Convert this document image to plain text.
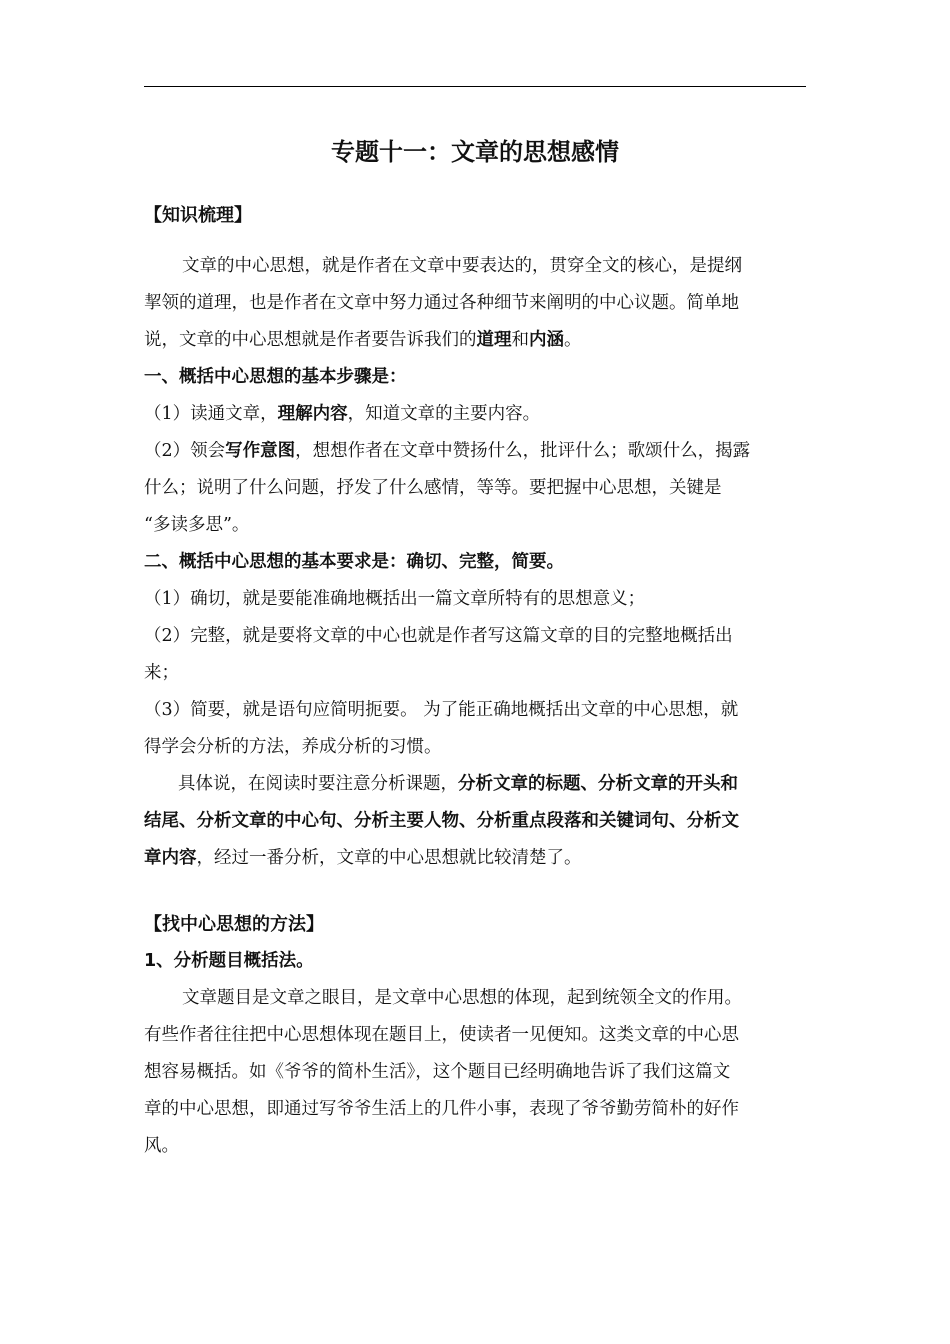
专题十一：文章的思想感情
【知识梳理】
文章的中心思想，就是作者在文章中要表达的，贯穿全文的核心，是提纲
挈领的道理，也是作者在文章中努力通过各种细节来阐明的中心议题。简单地
说，文章的中心思想就是作者要告诉我们的道理和内涵。
一、概括中心思想的基本步骤是：
（1）读通文章，理解内容，知道文章的主要内容。
（2）领会写作意图，想想作者在文章中赞扬什么，批评什么；歌颂什么，揭露
什么；说明了什么问题，抒发了什么感情，等等。要把握中心思想，关键是
“多读多思”。
二、概括中心思想的基本要求是：确切、完整，简要。
（1）确切，就是要能准确地概括出一篇文章所特有的思想意义；
（2）完整，就是要将文章的中心也就是作者写这篇文章的目的完整地概括出
来；
（3）简要，就是语句应简明扼要。 为了能正确地概括出文章的中心思想，就
得学会分析的方法，养成分析的习惯。
具体说，在阅读时要注意分析课题，分析文章的标题、分析文章的开头和
结尾、分析文章的中心句、分析主要人物、分析重点段落和关键词句、分析文
章内容，经过一番分析，文章的中心思想就比较清楚了。
【找中心思想的方法】
1、分析题目概括法。
文章题目是文章之眼目，是文章中心思想的体现，起到统领全文的作用。
有些作者往往把中心思想体现在题目上，使读者一见便知。这类文章的中心思
想容易概括。如《爷爷的简朴生活》，这个题目已经明确地告诉了我们这篇文
章的中心思想，即通过写爷爷生活上的几件小事，表现了爷爷勤劳简朴的好作
风。
